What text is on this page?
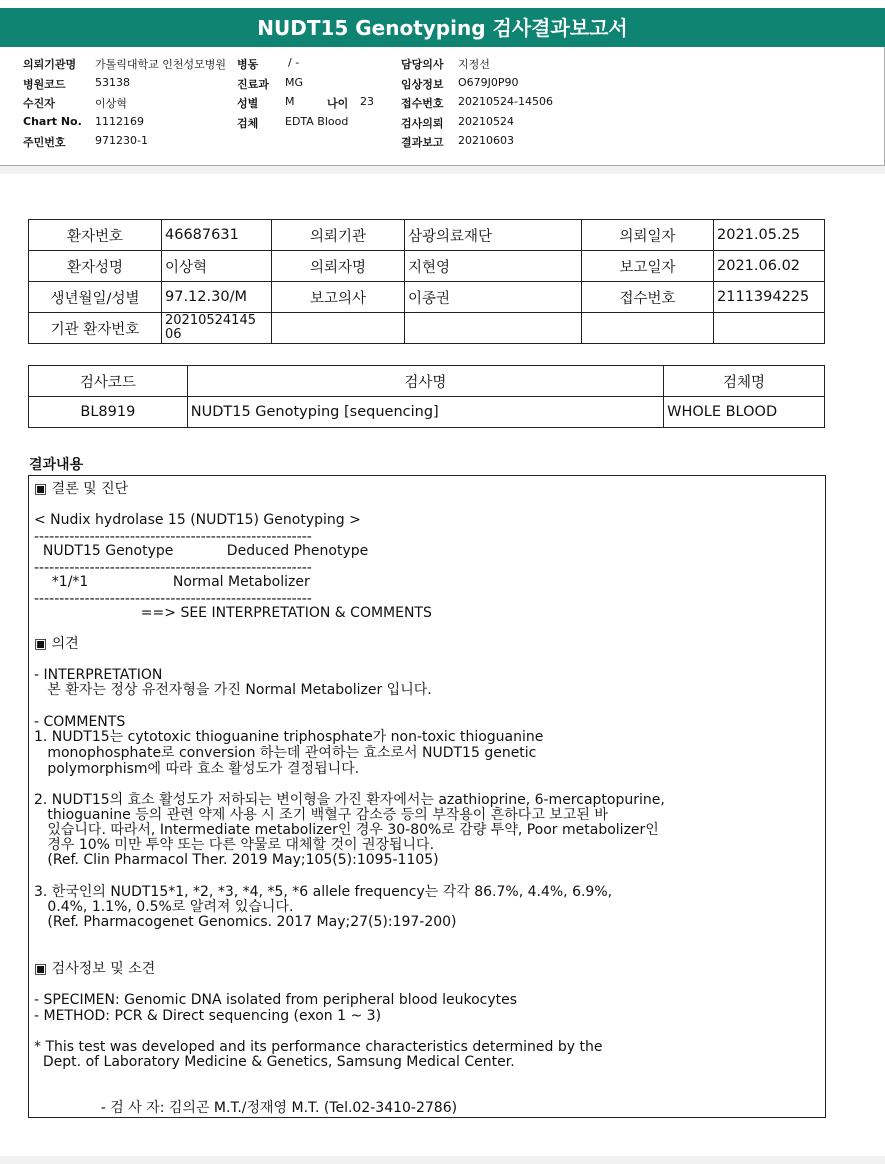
NUDT15 Genotyping 검사결과보고서
의뢰기관명 가톨릭대학교 인천성모병원
병원코드	53138
수진자	이상혁
Chart No. 1112169
주민번호	971230-1
병동	/ -
진료과 MG
성별 M	나이 23
검체 EDTA Blood
담당의사 지정선
임상정보 O679J0P90
접수번호 20210524-14506
검사의뢰 20210524
결과보고 20210603
환자번호	46687631	의뢰기관	삼광의료재단	의뢰일자	2021.05.25
환자성명	이상혁	의뢰자명	지현영	보고일자	2021.06.02
생년월일/성별	97.12.30/M	보고의사	이종권	접수번호	2111394225
기관 환자번호	20210524145
06				
검사코드	검사명	검체명
BL8919	NUDT15 Genotyping [sequencing]	WHOLE BLOOD
결과내용
▣ 결론 및 진단
< Nudix hydrolase 15 (NUDT15) Genotyping >
-------------------------------------------------------
NUDT15 Genotype            Deduced Phenotype
-------------------------------------------------------
*1/*1                   Normal Metabolizer
-------------------------------------------------------
==> SEE INTERPRETATION & COMMENTS
▣ 의견
- INTERPRETATION
본 환자는 정상 유전자형을 가진 Normal Metabolizer 입니다.
- COMMENTS
1. NUDT15는 cytotoxic thioguanine triphosphate가 non-toxic thioguanine
monophosphate로 conversion 하는데 관여하는 효소로서 NUDT15 genetic
polymorphism에 따라 효소 활성도가 결정됩니다.
2. NUDT15의 효소 활성도가 저하되는 변이형을 가진 환자에서는 azathioprine, 6-mercaptopurine,
thioguanine 등의 관련 약제 사용 시 조기 백혈구 감소증 등의 부작용이 흔하다고 보고된 바
있습니다. 따라서, Intermediate metabolizer인 경우 30-80%로 감량 투약, Poor metabolizer인
경우 10% 미만 투약 또는 다른 약물로 대체할 것이 권장됩니다.
(Ref. Clin Pharmacol Ther. 2019 May;105(5):1095-1105)
3. 한국인의 NUDT15*1, *2, *3, *4, *5, *6 allele frequency는 각각 86.7%, 4.4%, 6.9%,
0.4%, 1.1%, 0.5%로 알려져 있습니다.
(Ref. Pharmacogenet Genomics. 2017 May;27(5):197-200)
▣ 검사정보 및 소견
- SPECIMEN: Genomic DNA isolated from peripheral blood leukocytes
- METHOD: PCR & Direct sequencing (exon 1 ~ 3)
* This test was developed and its performance characteristics determined by the
Dept. of Laboratory Medicine & Genetics, Samsung Medical Center.
- 검 사 자: 김의곤 M.T./정재영 M.T. (Tel.02-3410-2786)
